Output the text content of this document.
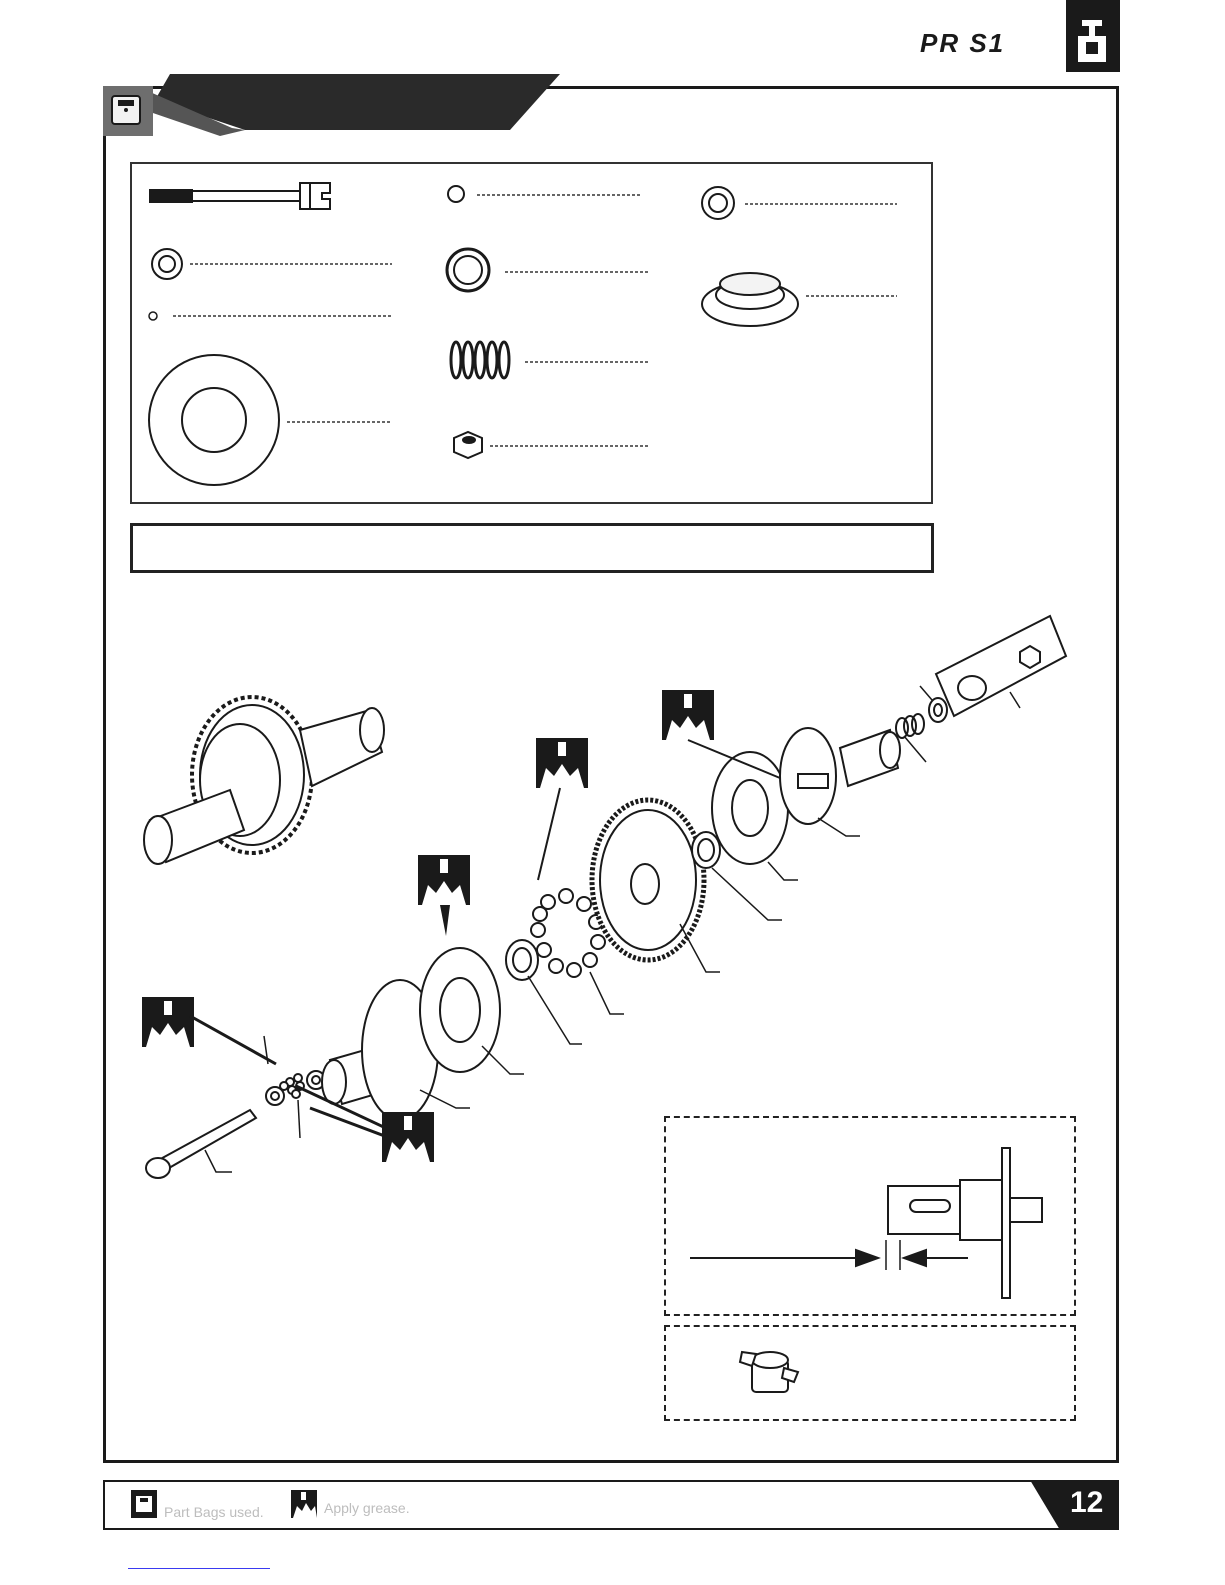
PR S1
Part Bags used.	Apply grease.	12
